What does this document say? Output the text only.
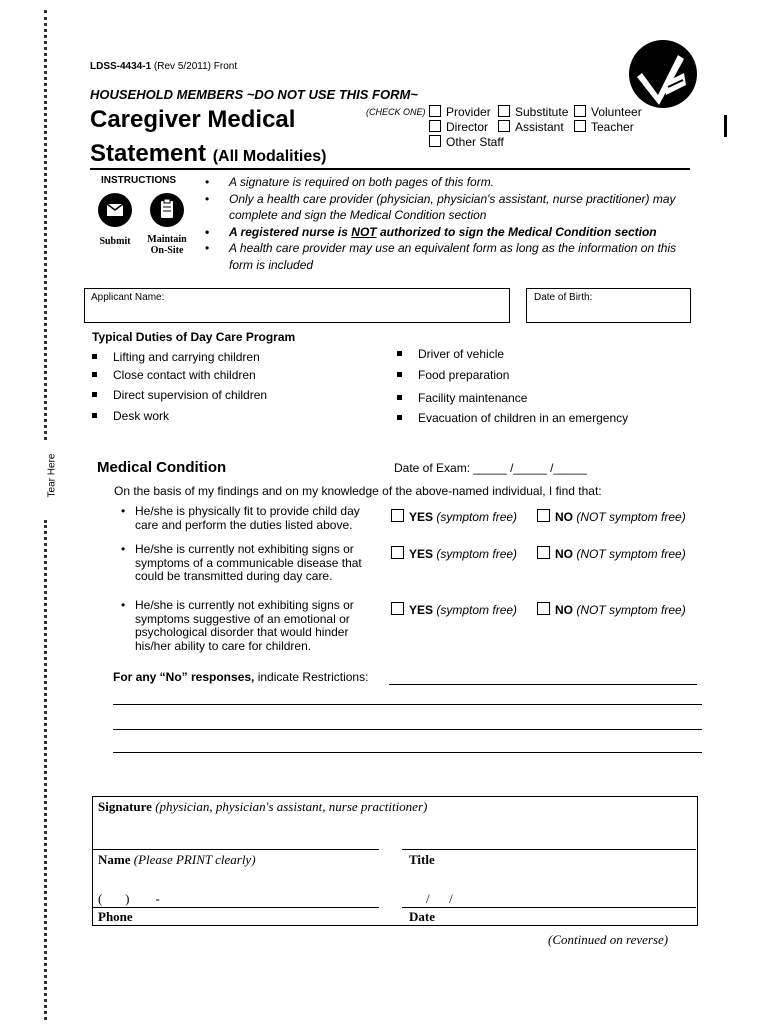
Tear Here
LDSS-4434-1 (Rev 5/2011) Front
HOUSEHOLD MEMBERS ~DO NOT USE THIS FORM~
Caregiver Medical
Statement (All Modalities)
(CHECK ONE)	Provider	Substitute	Volunteer
Director	Assistant	Teacher
Other Staff
INSTRUCTIONS
Submit	Maintain
On-Site
•	A signature is required on both pages of this form.
•	Only a health care provider (physician, physician's assistant, nurse practitioner) may complete and sign the Medical Condition section
•	A registered nurse is NOT authorized to sign the Medical Condition section
•	A health care provider may use an equivalent form as long as the information on this form is included
Applicant Name:	Date of Birth:
Typical Duties of Day Care Program
Lifting and carrying children
Close contact with children
Direct supervision of children
Desk work
Driver of vehicle
Food preparation
Facility maintenance
Evacuation of children in an emergency
Medical Condition	Date of Exam: _____ /_____ /_____
On the basis of my findings and on my knowledge of the above-named individual, I find that:
• He/she is physically fit to provide child day care and perform the duties listed above.
• He/she is currently not exhibiting signs or symptoms of a communicable disease that could be transmitted during day care.
• He/she is currently not exhibiting signs or symptoms suggestive of an emotional or psychological disorder that would hinder his/her ability to care for children.
YES (symptom free)	NO (NOT symptom free)
YES (symptom free)	NO (NOT symptom free)
YES (symptom free)	NO (NOT symptom free)
For any “No” responses, indicate Restrictions:
Signature (physician, physician's assistant, nurse practitioner)
Name (Please PRINT clearly)	Title
(       )        -	/      /
Phone	Date
(Continued on reverse)
